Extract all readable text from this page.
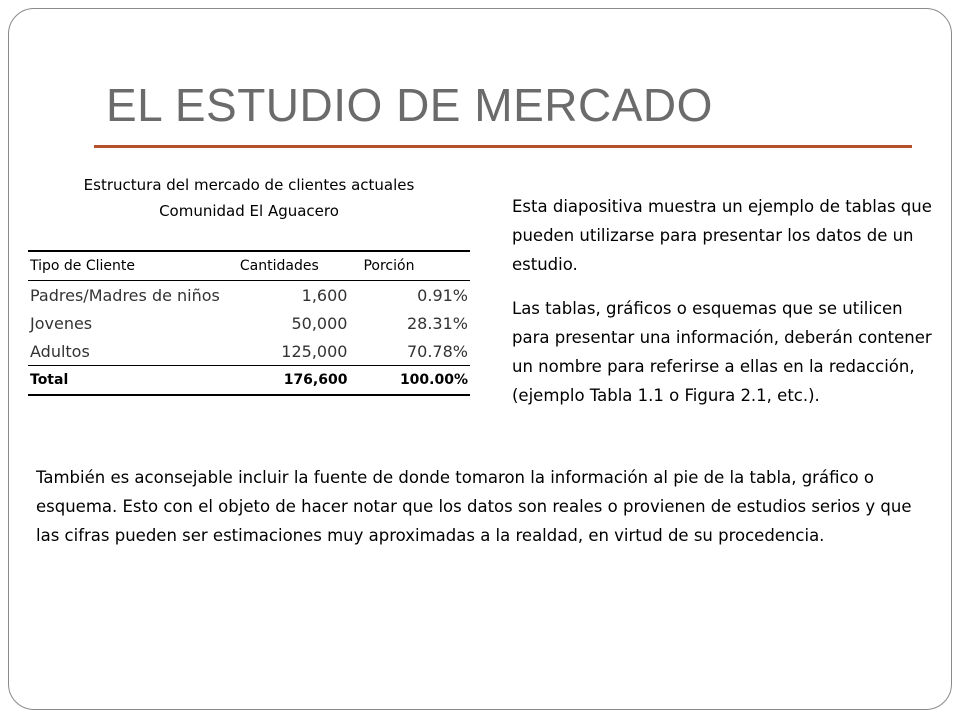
EL ESTUDIO DE MERCADO
Estructura del mercado de clientes actuales
Comunidad El Aguacero
Tipo de Cliente	Cantidades	Porción
Padres/Madres de niños	1,600	0.91%
Jovenes	50,000	28.31%
Adultos	125,000	70.78%
Total	176,600	100.00%

Esta diapositiva muestra un ejemplo de tablas que pueden utilizarse para presentar los datos de un estudio.

Las tablas, gráficos o esquemas que se utilicen para presentar una información, deberán contener un nombre para referirse a ellas en la redacción, (ejemplo Tabla 1.1 o Figura 2.1, etc.).

También es aconsejable incluir la fuente de donde tomaron la información al pie de la tabla, gráfico o esquema. Esto con el objeto de hacer notar que los datos son reales o provienen de estudios serios y que las cifras pueden ser estimaciones muy aproximadas a la realdad, en virtud de su procedencia.
